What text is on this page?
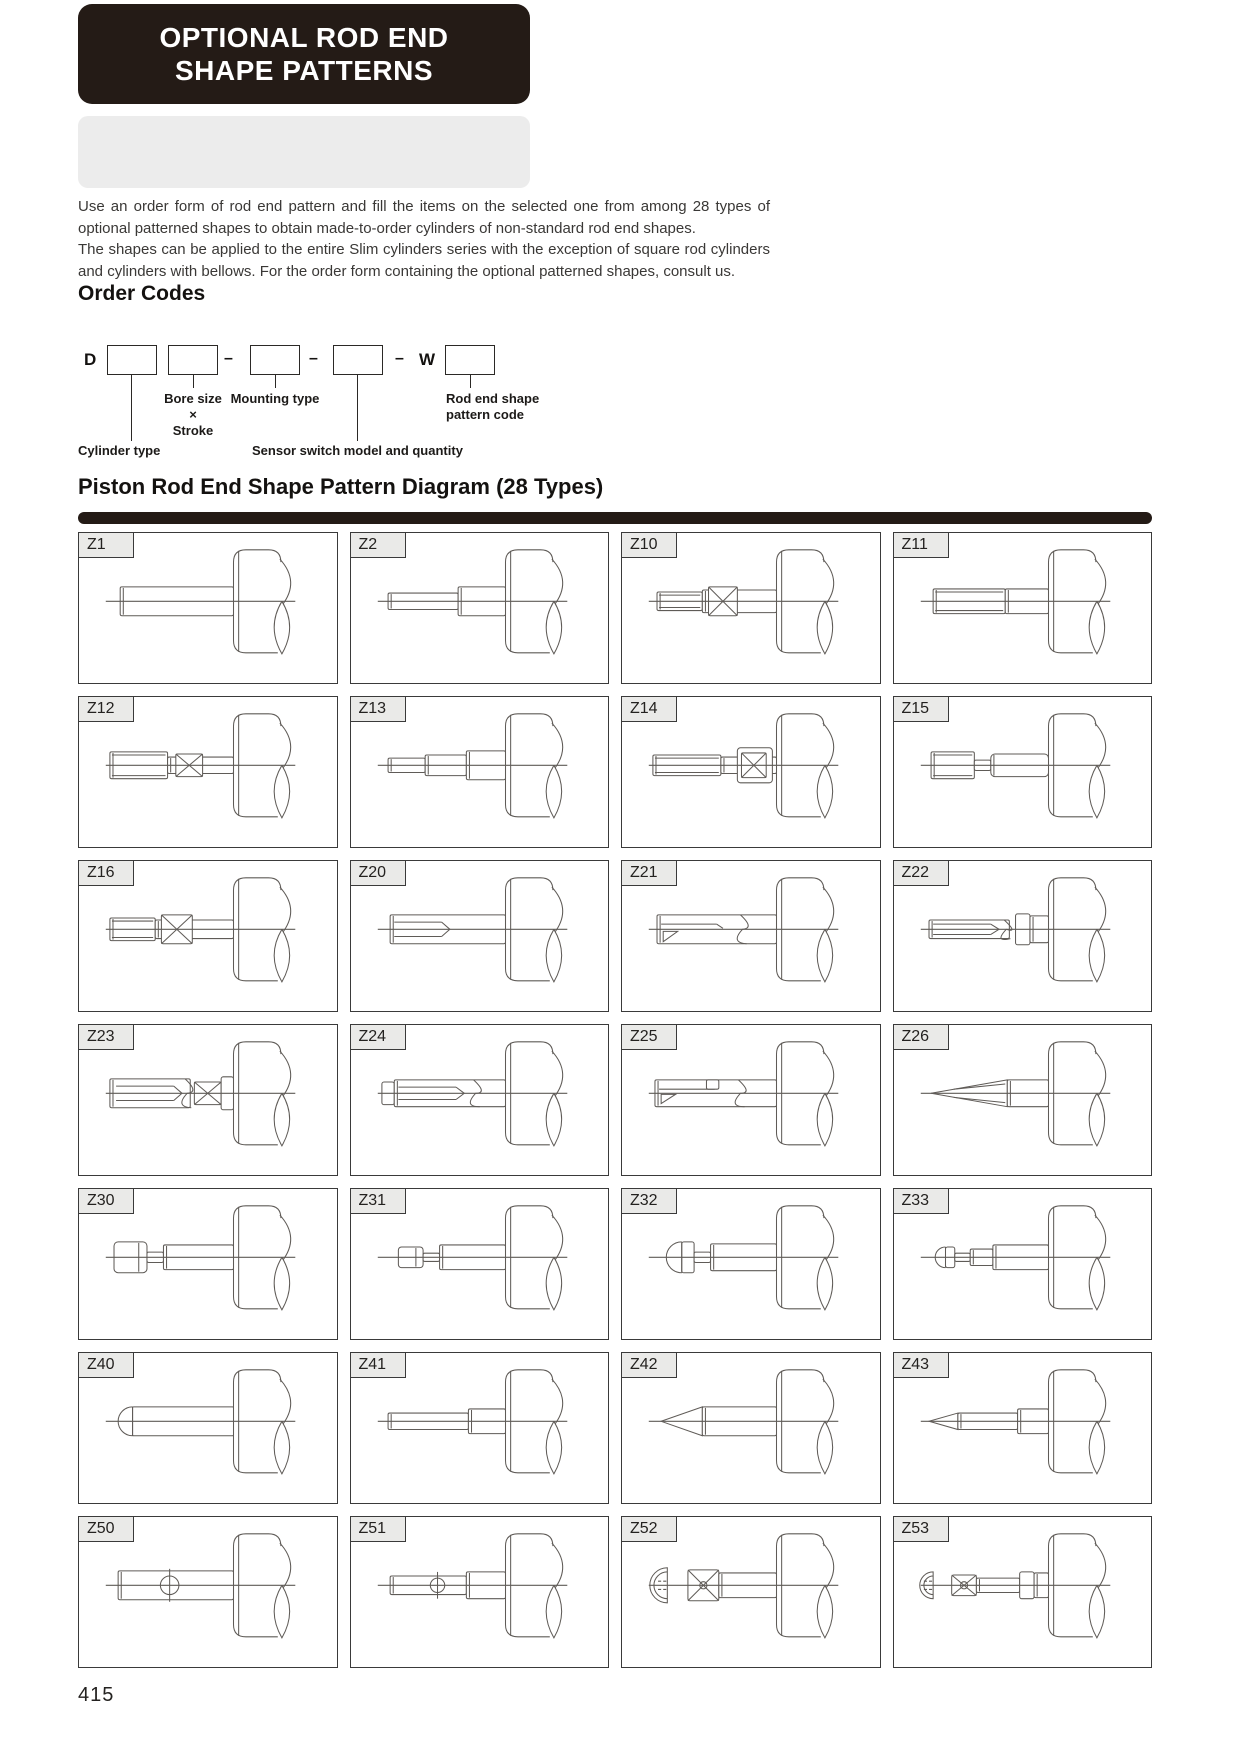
OPTIONAL ROD END
SHAPE PATTERNS

Use an order form of rod end pattern and fill the items on the selected one from among 28 types of optional patterned shapes to obtain made-to-order cylinders of non-standard rod end shapes.

The shapes can be applied to the entire Slim cylinders series with the exception of square rod cylinders and cylinders with bellows. For the order form containing the optional patterned shapes, consult us.

Order Codes
D	–	–	– W
Bore size
×
Stroke
Mounting type
Cylinder type	Sensor switch model and quantity
Rod end shape
pattern code
Piston Rod End Shape Pattern Diagram (28 Types)
Z1	Z2	Z10	Z11
Z12	Z13	Z14	Z15
Z16	Z20	Z21	Z22
Z23	Z24	Z25	Z26
Z30	Z31	Z32	Z33
Z40	Z41	Z42	Z43
Z50	Z51	Z52	Z53
415
